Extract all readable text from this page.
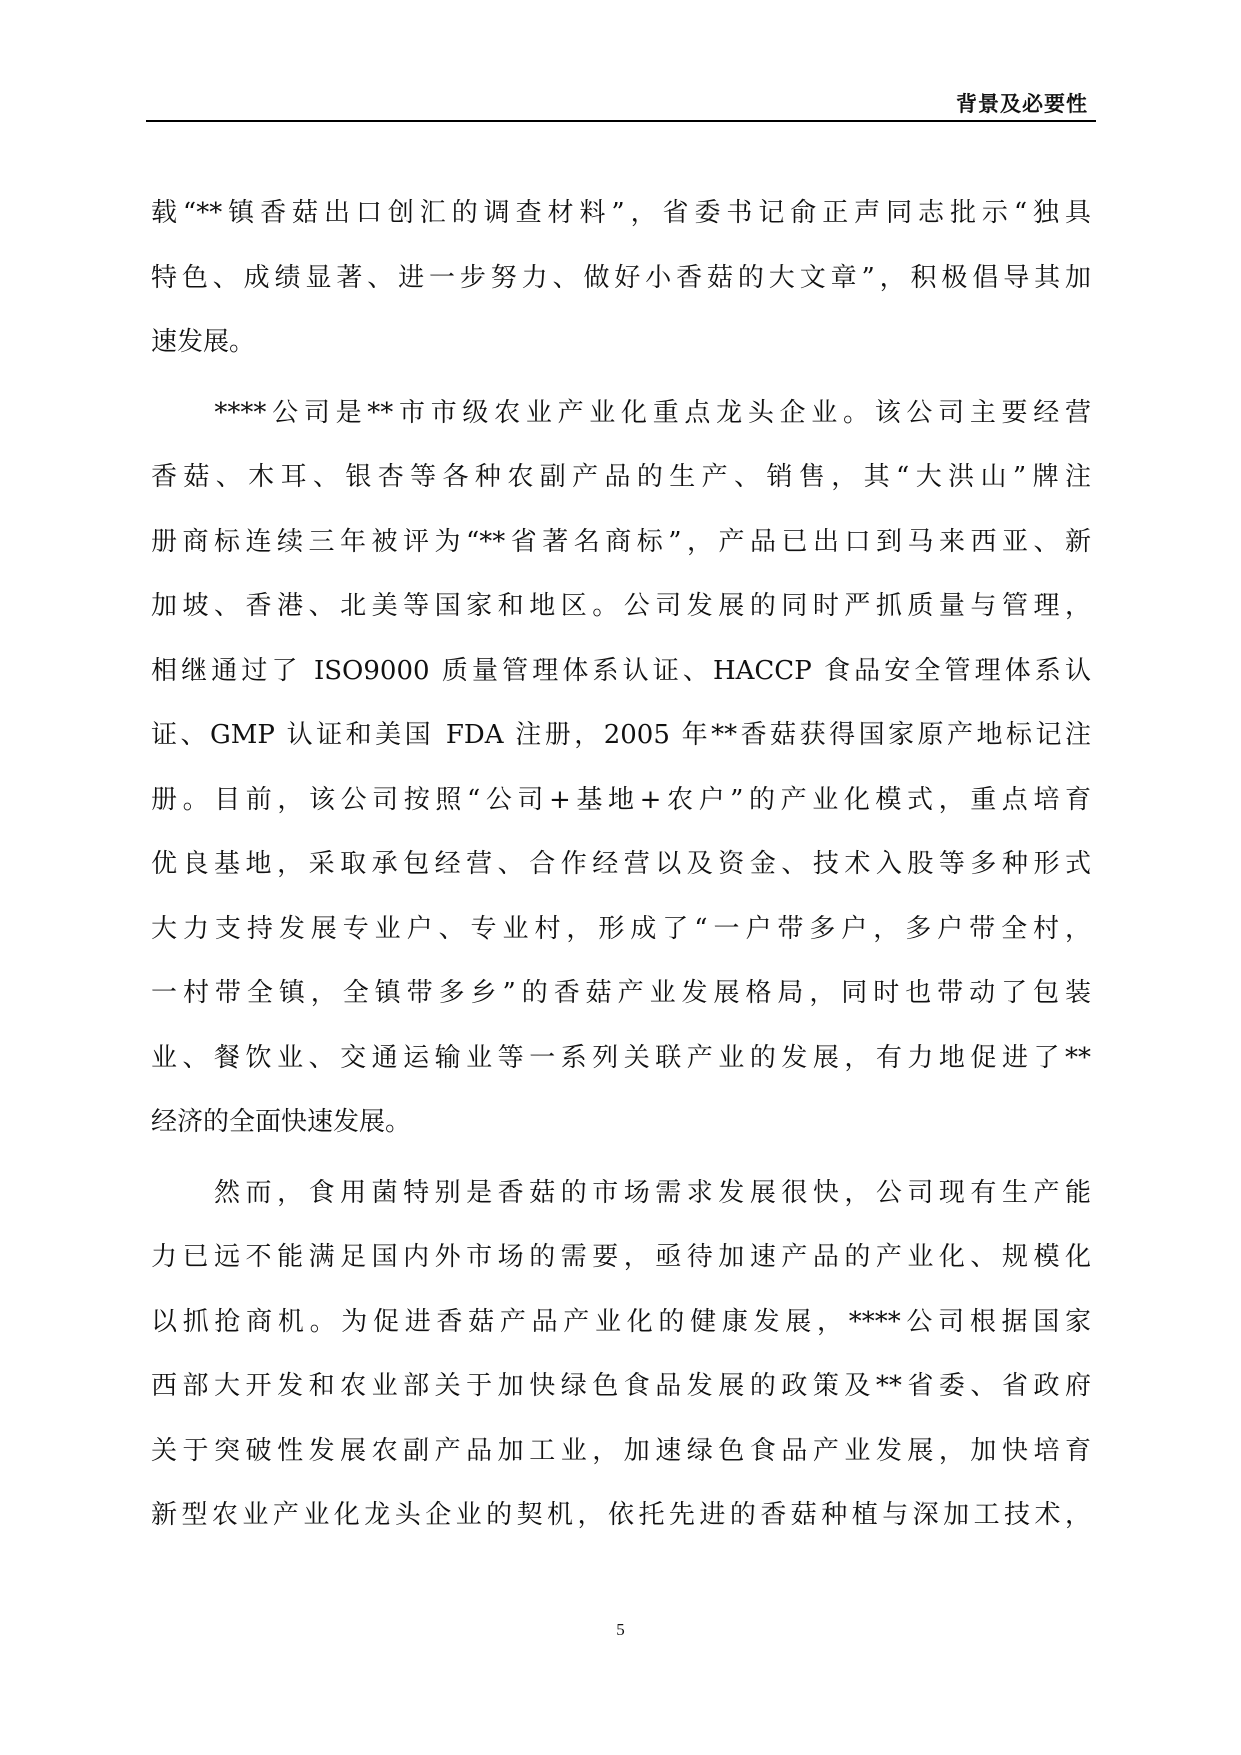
背景及必要性
载“**镇香菇出口创汇的调查材料”，省委书记俞正声同志批示“独具
特色、成绩显著、进一步努力、做好小香菇的大文章”，积极倡导其加
速发展。
　　****公司是**市市级农业产业化重点龙头企业。该公司主要经营
香菇、木耳、银杏等各种农副产品的生产、销售，其“大洪山”牌注
册商标连续三年被评为“**省著名商标”，产品已出口到马来西亚、新
加坡、香港、北美等国家和地区。公司发展的同时严抓质量与管理，
相继通过了 ISO9000 质量管理体系认证、HACCP 食品安全管理体系认
证、GMP 认证和美国 FDA 注册，2005 年**香菇获得国家原产地标记注
册。目前，该公司按照“公司+基地+农户”的产业化模式，重点培育
优良基地，采取承包经营、合作经营以及资金、技术入股等多种形式
大力支持发展专业户、专业村，形成了“一户带多户，多户带全村，
一村带全镇，全镇带多乡”的香菇产业发展格局，同时也带动了包装
业、餐饮业、交通运输业等一系列关联产业的发展，有力地促进了**
经济的全面快速发展。
　　然而，食用菌特别是香菇的市场需求发展很快，公司现有生产能
力已远不能满足国内外市场的需要，亟待加速产品的产业化、规模化
以抓抢商机。为促进香菇产品产业化的健康发展，****公司根据国家
西部大开发和农业部关于加快绿色食品发展的政策及**省委、省政府
关于突破性发展农副产品加工业，加速绿色食品产业发展，加快培育
新型农业产业化龙头企业的契机，依托先进的香菇种植与深加工技术，
5
